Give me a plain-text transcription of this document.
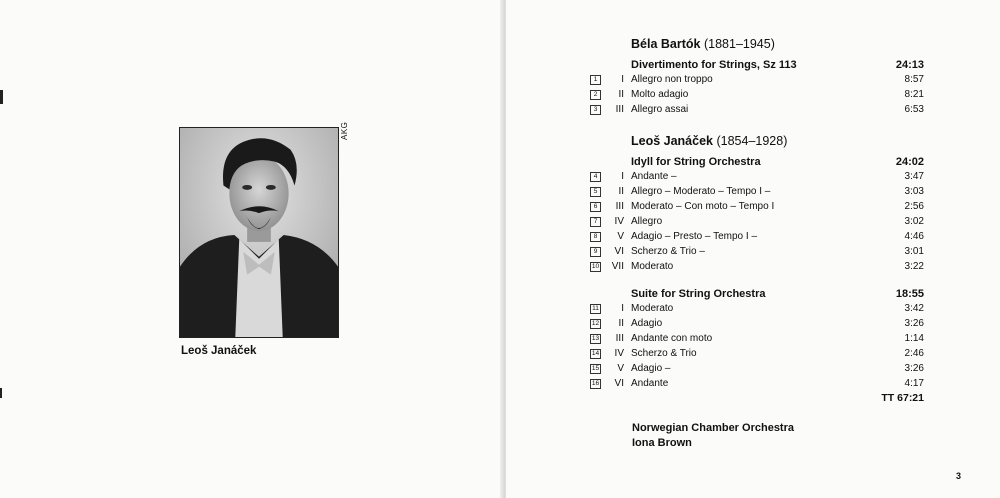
AKG
Leoš Janáček
Béla Bartók (1881–1945)
Divertimento for Strings, Sz 113	24:13
1	I Allegro non troppo	8:57
2	II Molto adagio	8:21
3	III Allegro assai	6:53
Leoš Janáček (1854–1928)
Idyll for String Orchestra	24:02
4	I Andante –	3:47
5	II Allegro – Moderato – Tempo I –	3:03
6	III Moderato – Con moto – Tempo I	2:56
7	IV Allegro	3:02
8	V Adagio – Presto – Tempo I –	4:46
9	VI Scherzo & Trio –	3:01
10	VII Moderato	3:22
Suite for String Orchestra	18:55
11	I Moderato	3:42
12	II Adagio	3:26
13	III Andante con moto	1:14
14	IV Scherzo & Trio	2:46
15	V Adagio –	3:26
16	VI Andante	4:17
TT 67:21
Norwegian Chamber Orchestra
Iona Brown
3
